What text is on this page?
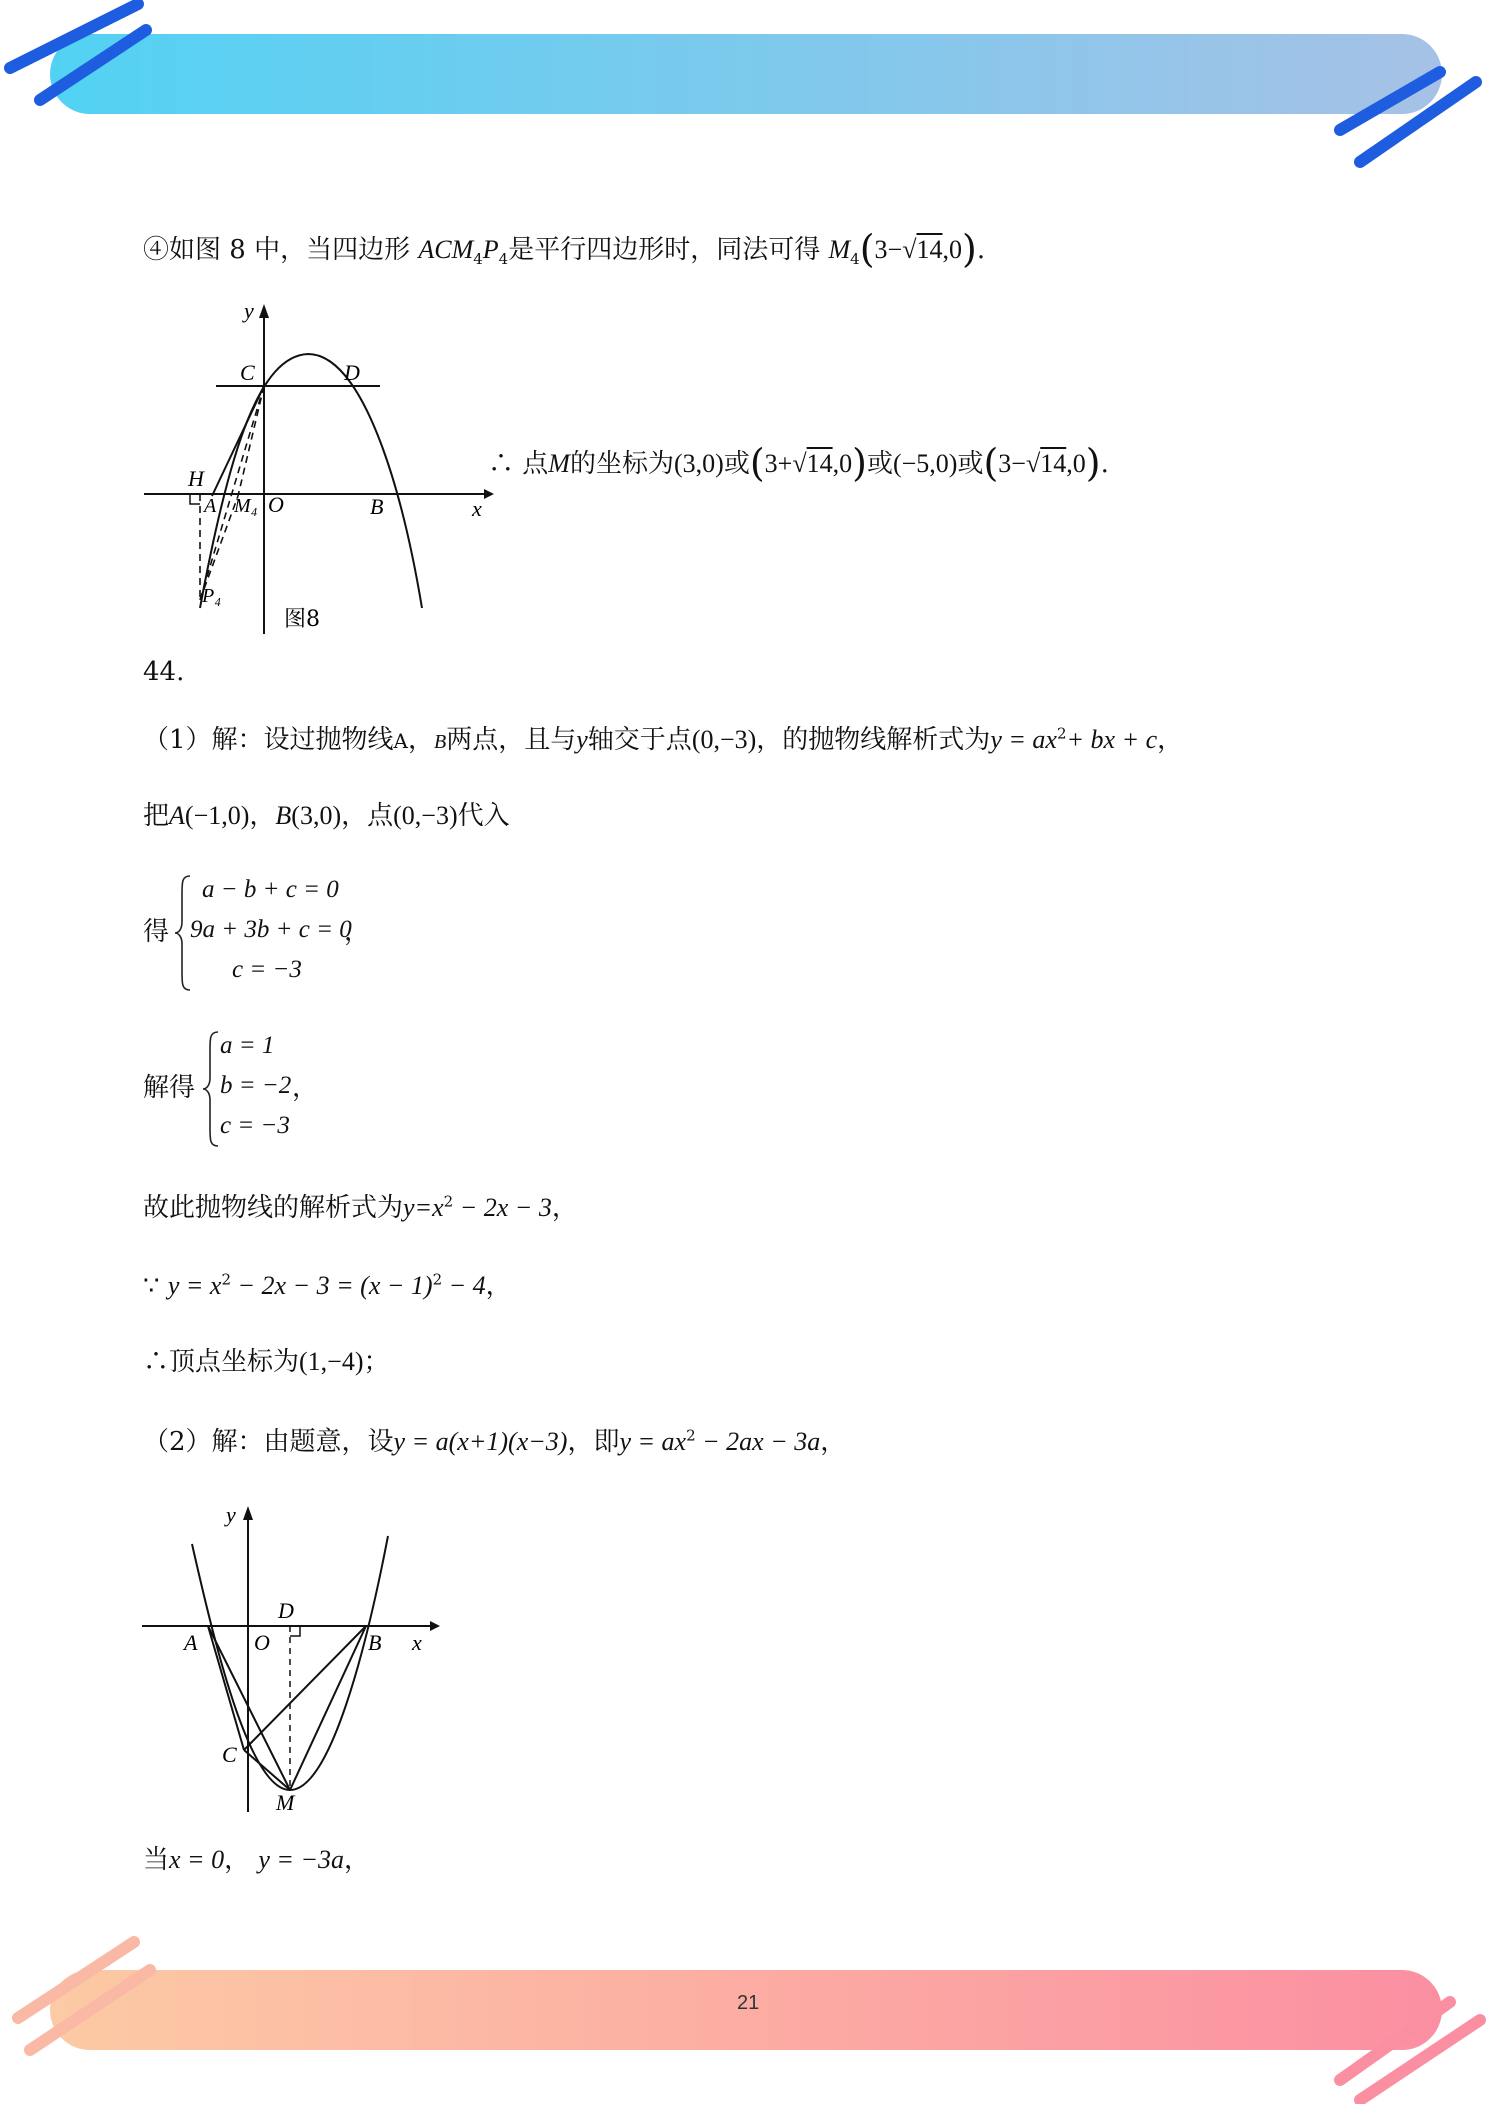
21
④如图 8 中，当四边形 $ACM_4P_4$是平行四边形时，同法可得 $M_4(3-√14,0)$.
y
x
C	D
H
A M₄ O	B
P₄
图8
∴ 点M的坐标为(3,0)或(3+√14,0)或(−5,0)或(3−√14,0).
44.
（1）解：设过抛物线A，B两点，且与y轴交于点(0,−3)，的抛物线解析式为$y = ax^2+$ bx + c，
把A(−1,0)，B(3,0)，点(0,−3)代入
得
a − b + c = 0
9a + 3b + c = 0
c = −3
，
解得
a = 1
b = −2
c = −3
，
故此抛物线的解析式为$y=x^2 - 2x - 3$，
∵ $y = x^2 - 2x - 3 = (x - 1)^2 - 4$，
∴顶点坐标为(1,−4)；
（2）解：由题意，设y = a(x+1)(x−3)，即$y = ax^2 - 2ax - 3a$，
y
x
D
A	O	B
C
M
当x = 0， y = −3a，
